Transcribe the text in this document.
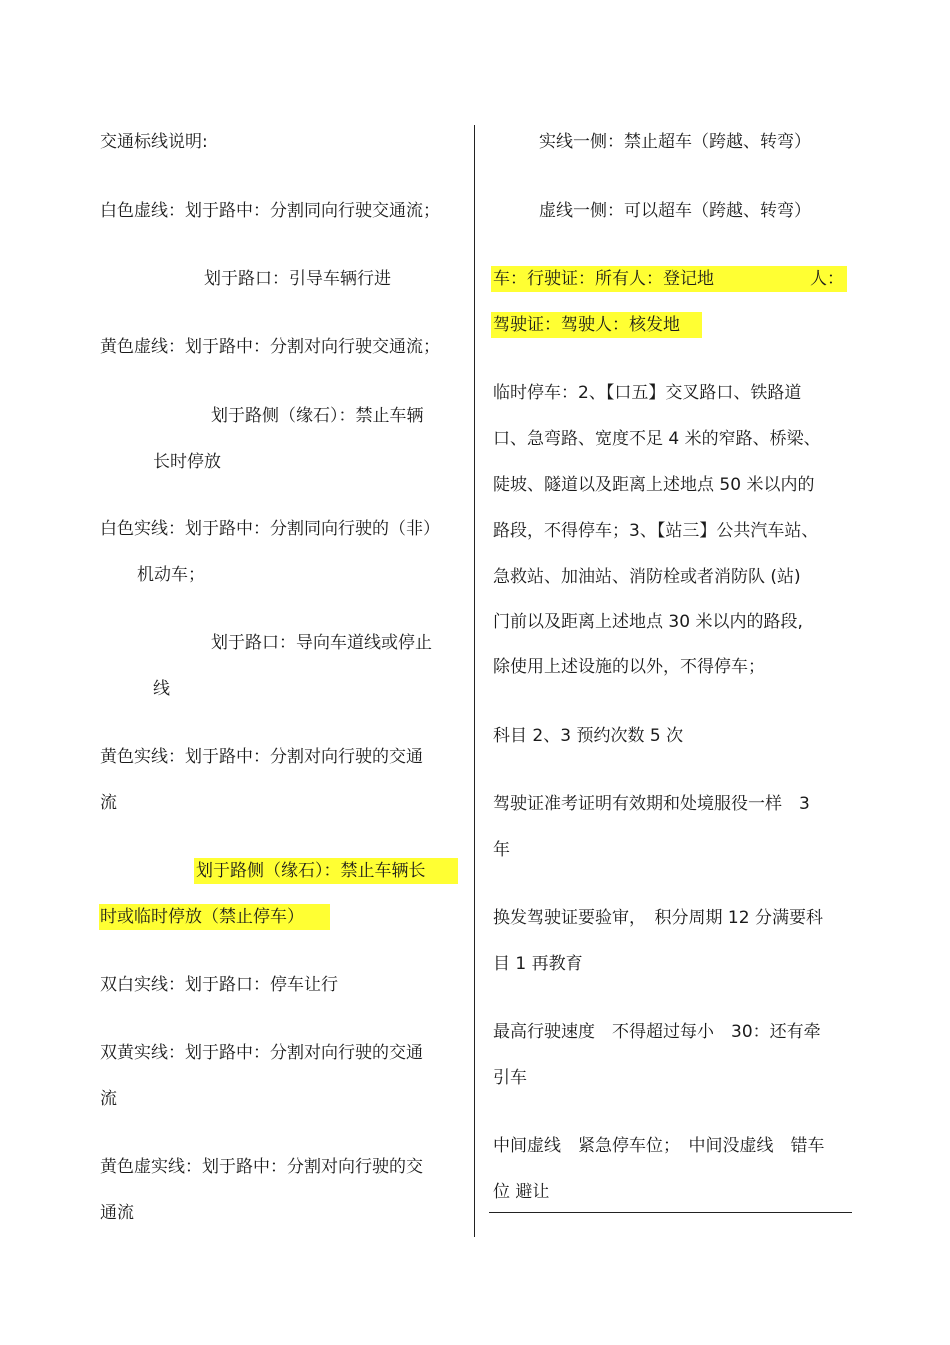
交通标线说明:
白色虚线：划于路中：分割同向行驶交通流；
划于路口：引导车辆行进
黄色虚线：划于路中：分割对向行驶交通流；
划于路侧（缘石）：禁止车辆
长时停放
白色实线：划于路中：分割同向行驶的（非）
机动车；
划于路口：导向车道线或停止
线
黄色实线：划于路中：分割对向行驶的交通
流
划于路侧（缘石）：禁止车辆长
时或临时停放（禁止停车）
双白实线：划于路口：停车让行
双黄实线：划于路中：分割对向行驶的交通
流
黄色虚实线：划于路中：分割对向行驶的交
通流
实线一侧：禁止超车（跨越、转弯）
虚线一侧：可以超车（跨越、转弯）
车：行驶证：所有人：登记地	人：
驾驶证：驾驶人：核发地
临时停车：2、【口五】交叉路口、铁路道
口、急弯路、宽度不足 4 米的窄路、桥梁、
陡坡、隧道以及距离上述地点 50 米以内的
路段，不得停车；3、【站三】公共汽车站、
急救站、加油站、消防栓或者消防队 (站)
门前以及距离上述地点 30 米以内的路段,
除使用上述设施的以外，不得停车；
科目 2、3 预约次数 5 次
驾驶证准考证明有效期和处境服役一样　3
年
换发驾驶证要验审，　积分周期 12 分满要科
目 1 再教育
最高行驶速度　不得超过每小　30：还有牵
引车
中间虚线　紧急停车位；　中间没虚线　错车
位 避让
